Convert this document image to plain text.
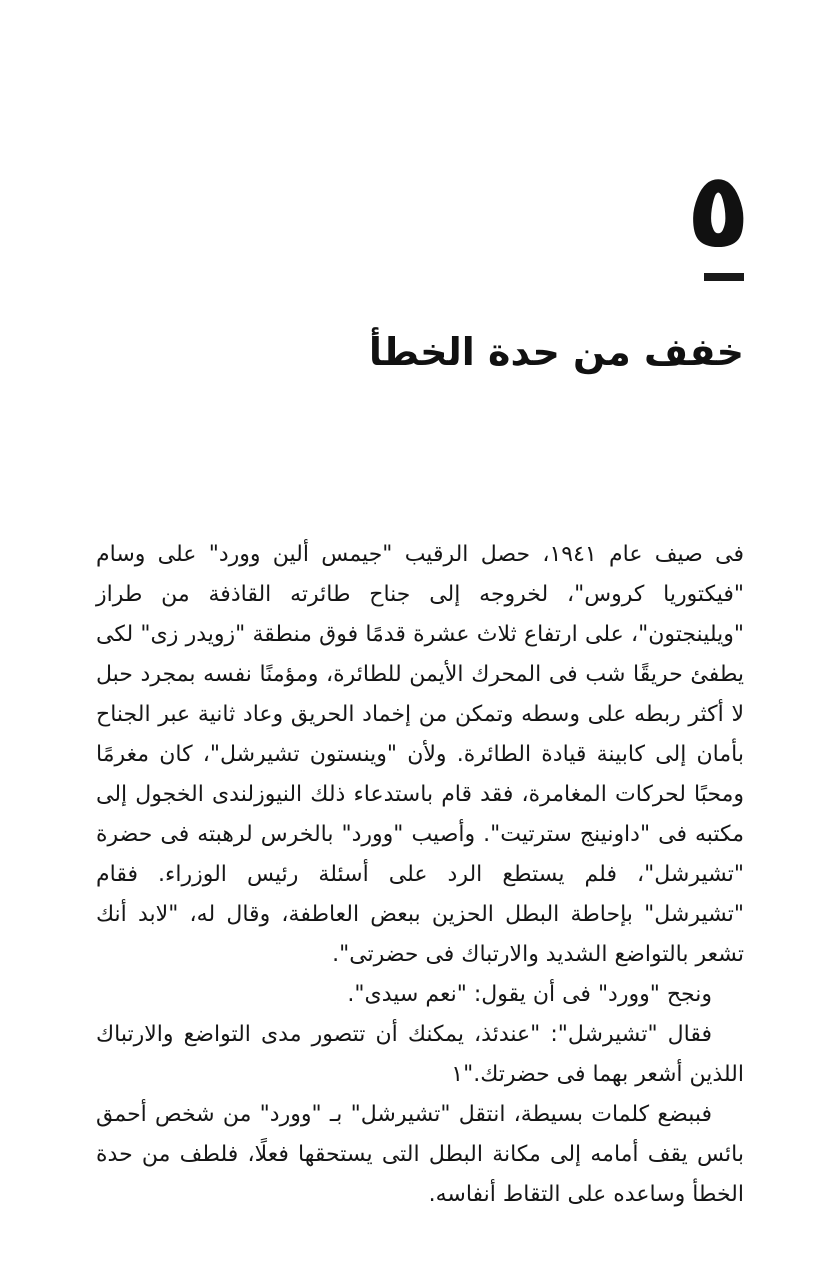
٥
خفف من حدة الخطأ

فى صيف عام ١٩٤١، حصل الرقيب "جيمس ألين وورد" على وسام "فيكتوريا كروس"، لخروجه إلى جناح طائرته القاذفة من طراز "ويلينجتون"، على ارتفاع ثلاث عشرة قدمًا فوق منطقة "زويدر زى" لكى يطفئ حريقًا شب فى المحرك الأيمن للطائرة، ومؤمنًا نفسه بمجرد حبل لا أكثر ربطه على وسطه وتمكن من إخماد الحريق وعاد ثانية عبر الجناح بأمان إلى كابينة قيادة الطائرة. ولأن "وينستون تشيرشل"، كان مغرمًا ومحبًا لحركات المغامرة، فقد قام باستدعاء ذلك النيوزلندى الخجول إلى مكتبه فى "داونينج سترتيت". وأصيب "وورد" بالخرس لرهبته فى حضرة "تشيرشل"، فلم يستطع الرد على أسئلة رئيس الوزراء. فقام "تشيرشل" بإحاطة البطل الحزين ببعض العاطفة، وقال له، "لابد أنك تشعر بالتواضع الشديد والارتباك فى حضرتى".

ونجح "وورد" فى أن يقول: "نعم سيدى".

فقال "تشيرشل": "عندئذ، يمكنك أن تتصور مدى التواضع والارتباك اللذين أشعر بهما فى حضرتك."١

فببضع كلمات بسيطة، انتقل "تشيرشل" بـ "وورد" من شخص أحمق بائس يقف أمامه إلى مكانة البطل التى يستحقها فعلًا، فلطف من حدة الخطأ وساعده على التقاط أنفاسه.
